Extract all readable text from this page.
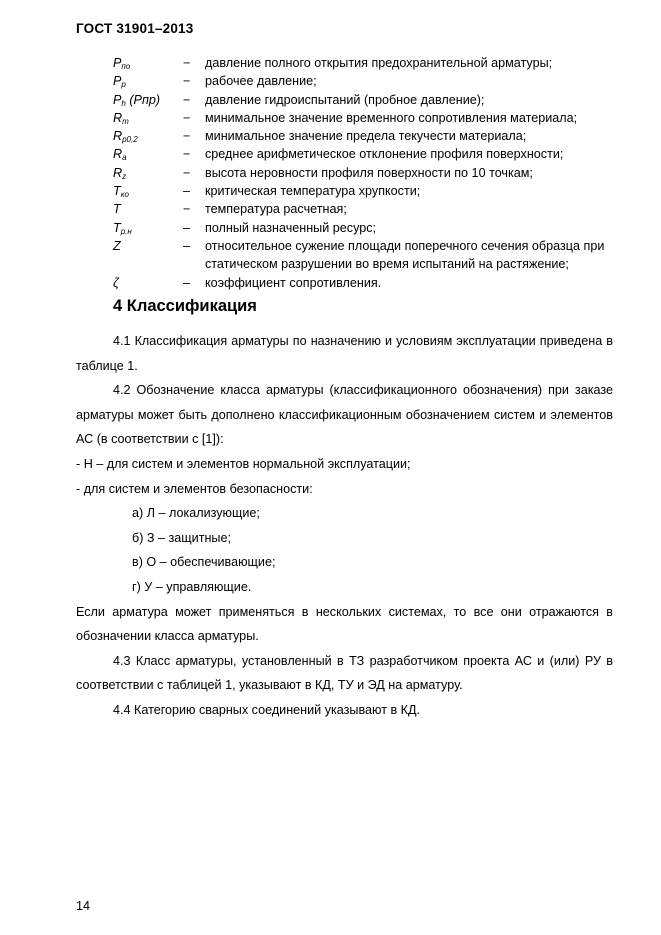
ГОСТ 31901–2013
$P_{по}$	−	давление полного открытия предохранительной арматуры;
$P_р$	−	рабочее давление;
$P_h$ (Pпр)	−	давление гидроиспытаний (пробное давление);
$R_m$	−	минимальное значение временного сопротивления материала;
$R_{р0,2}$	−	минимальное значение предела текучести материала;
$R_a$	−	среднее арифметическое отклонение профиля поверхности;
$R_z$	−	высота неровности профиля поверхности по 10 точкам;
$T_{ко}$	–	критическая температура хрупкости;
T	−	температура расчетная;
$T_{р.н}$	–	полный назначенный ресурс;
Z	–	относительное сужение площади поперечного сечения образца при статическом разрушении во время испытаний на растяжение;
ζ	–	коэффициент сопротивления.
4 Классификация

4.1 Классификация арматуры по назначению и условиям эксплуатации приведена в таблице 1.

4.2 Обозначение класса арматуры (классификационного обозначения) при заказе арматуры может быть дополнено классификационным обозначением систем и элементов АС (в соответствии с [1]):

- Н – для систем и элементов нормальной эксплуатации;

- для систем и элементов безопасности:

а) Л – локализующие;

б) З – защитные;

в) О – обеспечивающие;

г) У – управляющие.

Если арматура может применяться в нескольких системах, то все они отражаются в обозначении класса арматуры.

4.3 Класс арматуры, установленный в ТЗ разработчиком проекта АС и (или) РУ в соответствии с таблицей 1, указывают в КД, ТУ и ЭД на арматуру.

4.4 Категорию сварных соединений указывают в КД.

14
